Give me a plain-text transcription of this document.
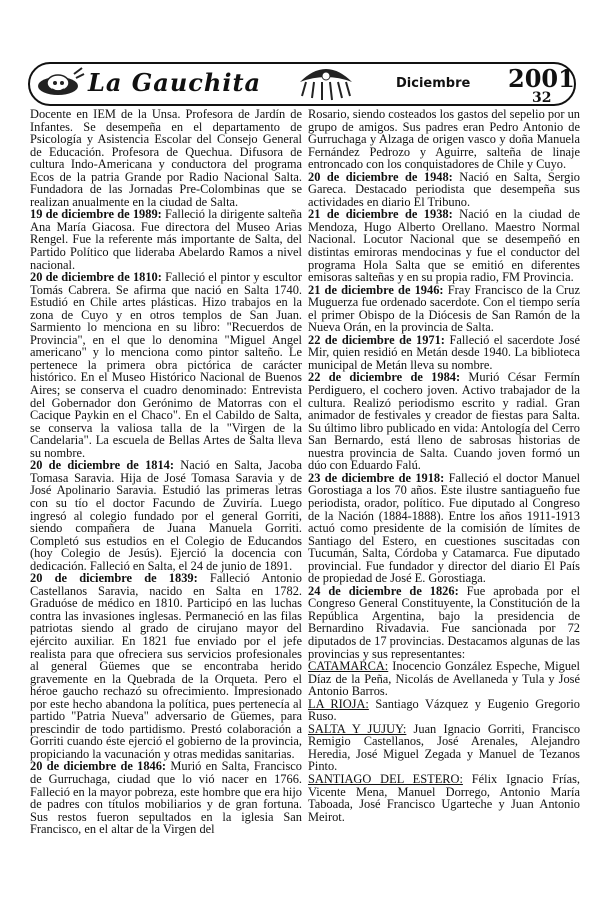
La Gauchita	Diciembre 2001
32

Docente en IEM de la Unsa. Profesora de Jardín de Infantes. Se desempeña en el departamento de Psicología y Asistencia Escolar del Consejo General de Educación. Profesora de Quechua. Difusora de cultura Indo-Americana y conductora del programa Ecos de la patria Grande por Radio Nacional Salta. Fundadora de las Jornadas Pre-Colombinas que se realizan anualmente en la ciudad de Salta.

19 de diciembre de 1989: Falleció la dirigente salteña Ana María Giacosa. Fue directora del Museo Arias Rengel. Fue la referente más importante de Salta, del Partido Político que lideraba Abelardo Ramos a nivel nacional.

20 de diciembre de 1810: Falleció el pintor y escultor Tomás Cabrera. Se afirma que nació en Salta 1740. Estudió en Chile artes plásticas. Hizo trabajos en la zona de Cuyo y en otros templos de San Juan. Sarmiento lo menciona en su libro: "Recuerdos de Provincia", en el que lo denomina "Miguel Angel americano" y lo menciona como pintor salteño. Le pertenece la primera obra pictórica de carácter histórico. En el Museo Histórico Nacional de Buenos Aires; se conserva el cuadro denominado: Entrevista del Gobernador don Gerónimo de Matorras con el Cacique Paykin en el Chaco". En el Cabildo de Salta, se conserva la valiosa talla de la "Virgen de la Candelaria". La escuela de Bellas Artes de Salta lleva su nombre.

20 de diciembre de 1814: Nació en Salta, Jacoba Tomasa Saravia. Hija de José Tomasa Saravia y de José Apolinario Saravia. Estudió las primeras letras con su tío el doctor Facundo de Zuviría. Luego ingresó al colegio fundado por el general Gorriti, siendo compañera de Juana Manuela Gorriti. Completó sus estudios en el Colegio de Educandos (hoy Colegio de Jesús). Ejerció la docencia con dedicación. Falleció en Salta, el 24 de junio de 1891.

20 de diciembre de 1839: Falleció Antonio Castellanos Saravia, nacido en Salta en 1782. Graduóse de médico en 1810. Participó en las luchas contra las invasiones inglesas. Permaneció en las filas patriotas siendo al grado de cirujano mayor del ejército auxiliar. En 1821 fue enviado por el jefe realista para que ofreciera sus servicios profesionales al general Güemes que se encontraba herido gravemente en la Quebrada de la Orqueta. Pero el héroe gaucho rechazó su ofrecimiento. Impresionado por este hecho abandona la política, pues pertenecía al partido "Patria Nueva" adversario de Güemes, para prescindir de todo partidismo. Prestó colaboración a Gorriti cuando éste ejerció el gobierno de la provincia, propiciando la vacunación y otras medidas sanitarias.

20 de diciembre de 1846: Murió en Salta, Francisco de Gurruchaga, ciudad que lo vió nacer en 1766. Falleció en la mayor pobreza, este hombre que era hijo de padres con títulos mobiliarios y de gran fortuna. Sus restos fueron sepultados en la iglesia San Francisco, en el altar de la Virgen del

Rosario, siendo costeados los gastos del sepelio por un grupo de amigos. Sus padres eran Pedro Antonio de Gurruchaga y Alzaga de origen vasco y doña Manuela Fernández Pedrozo y Aguirre, salteña de linaje entroncado con los conquistadores de Chile y Cuyo.

20 de diciembre de 1948: Nació en Salta, Sergio Gareca. Destacado periodista que desempeña sus actividades en diario El Tribuno.

21 de diciembre de 1938: Nació en la ciudad de Mendoza, Hugo Alberto Orellano. Maestro Normal Nacional. Locutor Nacional que se desempeñó en distintas emiroras mendocinas y fue el conductor del programa Hola Salta que se emitió en diferentes emisoras salteñas y en su propia radio, FM Provincia.

21 de diciembre de 1946: Fray Francisco de la Cruz Muguerza fue ordenado sacerdote. Con el tiempo sería el primer Obispo de la Diócesis de San Ramón de la Nueva Orán, en la provincia de Salta.

22 de diciembre de 1971: Falleció el sacerdote José Mir, quien residió en Metán desde 1940. La biblioteca municipal de Metán lleva su nombre.

22 de diciembre de 1984: Murió César Fermín Perdiguero, el cochero joven. Activo trabajador de la cultura. Realizó periodismo escrito y radial. Gran animador de festivales y creador de fiestas para Salta. Su último libro publicado en vida: Antología del Cerro San Bernardo, está lleno de sabrosas historias de nuestra provincia de Salta. Cuando joven formó un dúo con Eduardo Falú.

23 de diciembre de 1918: Falleció el doctor Manuel Gorostiaga a los 70 años. Este ilustre santiagueño fue periodista, orador, político. Fue diputado al Congreso de la Nación (1884-1888). Entre los años 1911-1913 actuó como presidente de la comisión de límites de Santiago del Estero, en cuestiones suscitadas con Tucumán, Salta, Córdoba y Catamarca. Fue diputado provincial. Fue fundador y director del diario El País de propiedad de José E. Gorostiaga.

24 de diciembre de 1826: Fue aprobada por el Congreso General Constituyente, la Constitución de la República Argentina, bajo la presidencia de Bernardino Rivadavia. Fue sancionada por 72 diputados de 17 provincias. Destacamos algunas de las provincias y sus representantes:

CATAMARCA: Inocencio González Espeche, Miguel Díaz de la Peña, Nicolás de Avellaneda y Tula y José Antonio Barros.

LA RIOJA: Santiago Vázquez y Eugenio Gregorio Ruso.

SALTA Y JUJUY: Juan Ignacio Gorriti, Francisco Remigio Castellanos, José Arenales, Alejandro Heredia, José Miguel Zegada y Manuel de Tezanos Pinto.

SANTIAGO DEL ESTERO: Félix Ignacio Frías, Vicente Mena, Manuel Dorrego, Antonio María Taboada, José Francisco Ugarteche y Juan Antonio Meirot.
